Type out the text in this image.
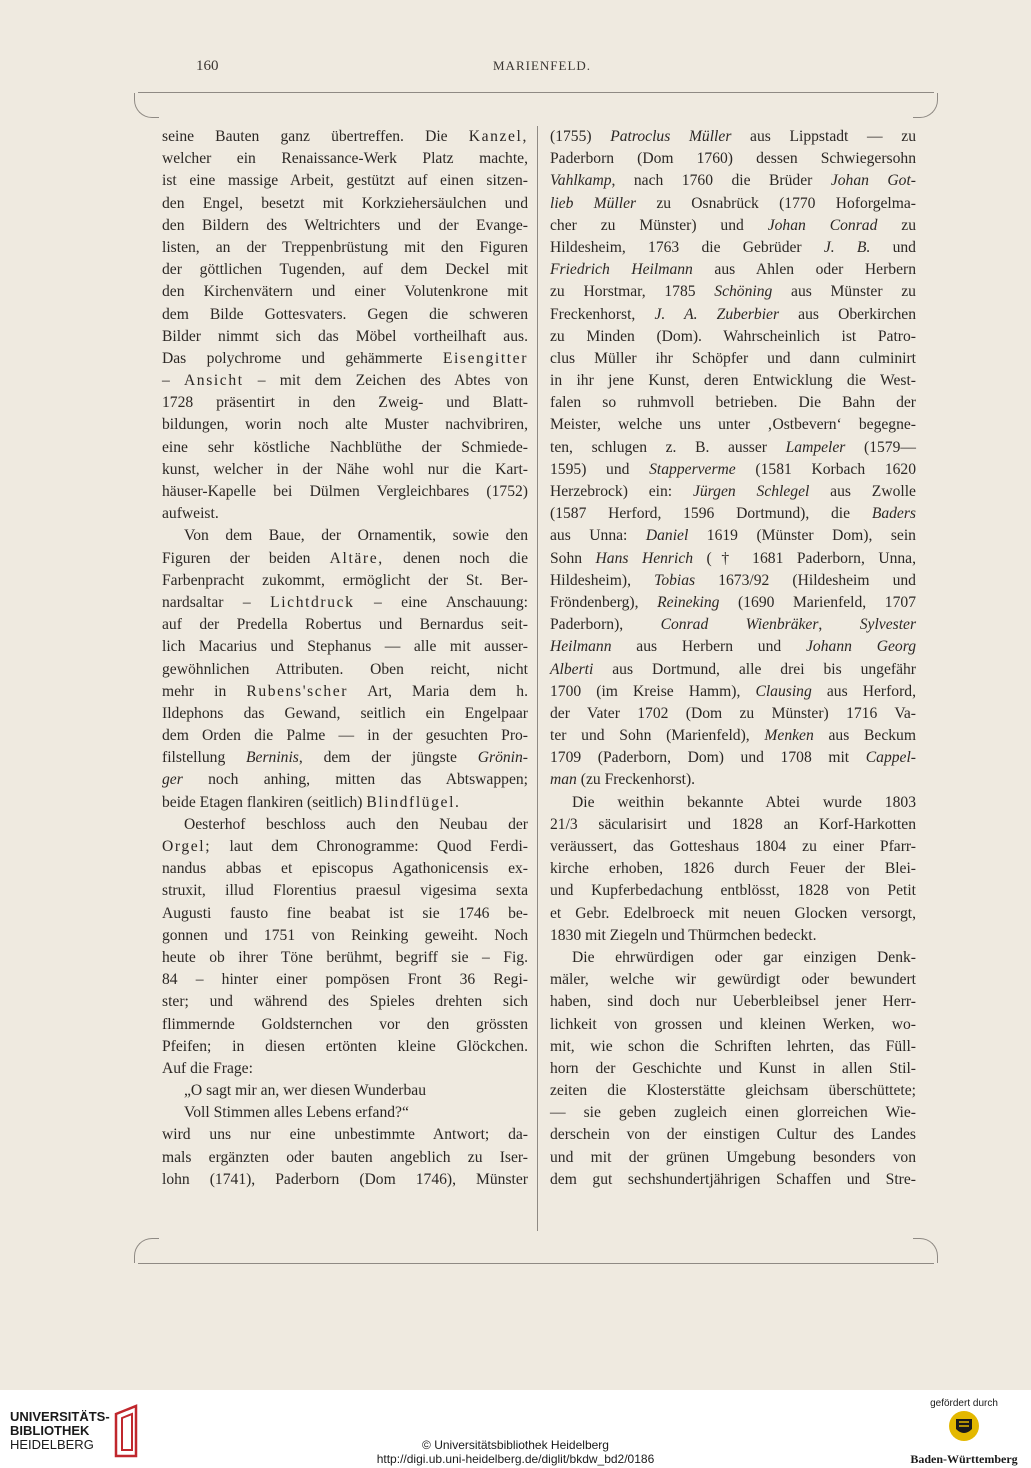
160	MARIENFELD.
seine Bauten ganz übertreffen. Die Kanzel,
welcher ein Renaissance-Werk Platz machte,
ist eine massige Arbeit, gestützt auf einen sitzen-
den Engel, besetzt mit Korkziehersäulchen und
den Bildern des Weltrichters und der Evange-
listen, an der Treppenbrüstung mit den Figuren
der göttlichen Tugenden, auf dem Deckel mit
den Kirchenvätern und einer Volutenkrone mit
dem Bilde Gottesvaters. Gegen die schweren
Bilder nimmt sich das Möbel vortheilhaft aus.
Das polychrome und gehämmerte Eisengitter
– Ansicht – mit dem Zeichen des Abtes von
1728 präsentirt in den Zweig- und Blatt-
bildungen, worin noch alte Muster nachvibriren,
eine sehr köstliche Nachblüthe der Schmiede-
kunst, welcher in der Nähe wohl nur die Kart-
häuser-Kapelle bei Dülmen Vergleichbares (1752)
aufweist.
Von dem Baue, der Ornamentik, sowie den
Figuren der beiden Altäre, denen noch die
Farbenpracht zukommt, ermöglicht der St. Ber-
nardsaltar – Lichtdruck – eine Anschauung:
auf der Predella Robertus und Bernardus seit-
lich Macarius und Stephanus — alle mit ausser-
gewöhnlichen Attributen. Oben reicht, nicht
mehr in Rubens'scher Art, Maria dem h.
Ildephons das Gewand, seitlich ein Engelpaar
dem Orden die Palme — in der gesuchten Pro-
filstellung Berninis, dem der jüngste Grönin-
ger noch anhing, mitten das Abtswappen;
beide Etagen flankiren (seitlich) Blindflügel.
Oesterhof beschloss auch den Neubau der
Orgel; laut dem Chronogramme: Quod Ferdi-
nandus abbas et episcopus Agathonicensis ex-
struxit, illud Florentius praesul vigesima sexta
Augusti fausto fine beabat ist sie 1746 be-
gonnen und 1751 von Reinking geweiht. Noch
heute ob ihrer Töne berühmt, begriff sie – Fig.
84 – hinter einer pompösen Front 36 Regi-
ster; und während des Spieles drehten sich
flimmernde Goldsternchen vor den grössten
Pfeifen; in diesen ertönten kleine Glöckchen.
Auf die Frage:
„O sagt mir an, wer diesen Wunderbau
Voll Stimmen alles Lebens erfand?“
wird uns nur eine unbestimmte Antwort; da-
mals ergänzten oder bauten angeblich zu Iser-
lohn (1741), Paderborn (Dom 1746), Münster
(1755) Patroclus Müller aus Lippstadt — zu
Paderborn (Dom 1760) dessen Schwiegersohn
Vahlkamp, nach 1760 die Brüder Johan Got-
lieb Müller zu Osnabrück (1770 Hoforgelma-
cher zu Münster) und Johan Conrad zu
Hildesheim, 1763 die Gebrüder J. B. und
Friedrich Heilmann aus Ahlen oder Herbern
zu Horstmar, 1785 Schöning aus Münster zu
Freckenhorst, J. A. Zuberbier aus Oberkirchen
zu Minden (Dom). Wahrscheinlich ist Patro-
clus Müller ihr Schöpfer und dann culminirt
in ihr jene Kunst, deren Entwicklung die West-
falen so ruhmvoll betrieben. Die Bahn der
Meister, welche uns unter ‚Ostbevern‘ begegne-
ten, schlugen z. B. ausser Lampeler (1579—
1595) und Stapperverme (1581 Korbach 1620
Herzebrock) ein: Jürgen Schlegel aus Zwolle
(1587 Herford, 1596 Dortmund), die Baders
aus Unna: Daniel 1619 (Münster Dom), sein
Sohn Hans Henrich († 1681 Paderborn, Unna,
Hildesheim), Tobias 1673/92 (Hildesheim und
Fröndenberg), Reineking (1690 Marienfeld, 1707
Paderborn), Conrad Wienbräker, Sylvester
Heilmann aus Herbern und Johann Georg
Alberti aus Dortmund, alle drei bis ungefähr
1700 (im Kreise Hamm), Clausing aus Herford,
der Vater 1702 (Dom zu Münster) 1716 Va-
ter und Sohn (Marienfeld), Menken aus Beckum
1709 (Paderborn, Dom) und 1708 mit Cappel-
man (zu Freckenhorst).
Die weithin bekannte Abtei wurde 1803
21/3 säcularisirt und 1828 an Korf-Harkotten
veräussert, das Gotteshaus 1804 zu einer Pfarr-
kirche erhoben, 1826 durch Feuer der Blei-
und Kupferbedachung entblösst, 1828 von Petit
et Gebr. Edelbroeck mit neuen Glocken versorgt,
1830 mit Ziegeln und Thürmchen bedeckt.
Die ehrwürdigen oder gar einzigen Denk-
mäler, welche wir gewürdigt oder bewundert
haben, sind doch nur Ueberbleibsel jener Herr-
lichkeit von grossen und kleinen Werken, wo-
mit, wie schon die Schriften lehrten, das Füll-
horn der Geschichte und Kunst in allen Stil-
zeiten die Klosterstätte gleichsam überschüttete;
— sie geben zugleich einen glorreichen Wie-
derschein von der einstigen Cultur des Landes
und mit der grünen Umgebung besonders von
dem gut sechshundertjährigen Schaffen und Stre-
UNIVERSITÄTS-
BIBLIOTHEK
HEIDELBERG	© Universitätsbibliothek Heidelberg
http://digi.ub.uni-heidelberg.de/diglit/bkdw_bd2/0186
gefördert durch
Baden-Württemberg
